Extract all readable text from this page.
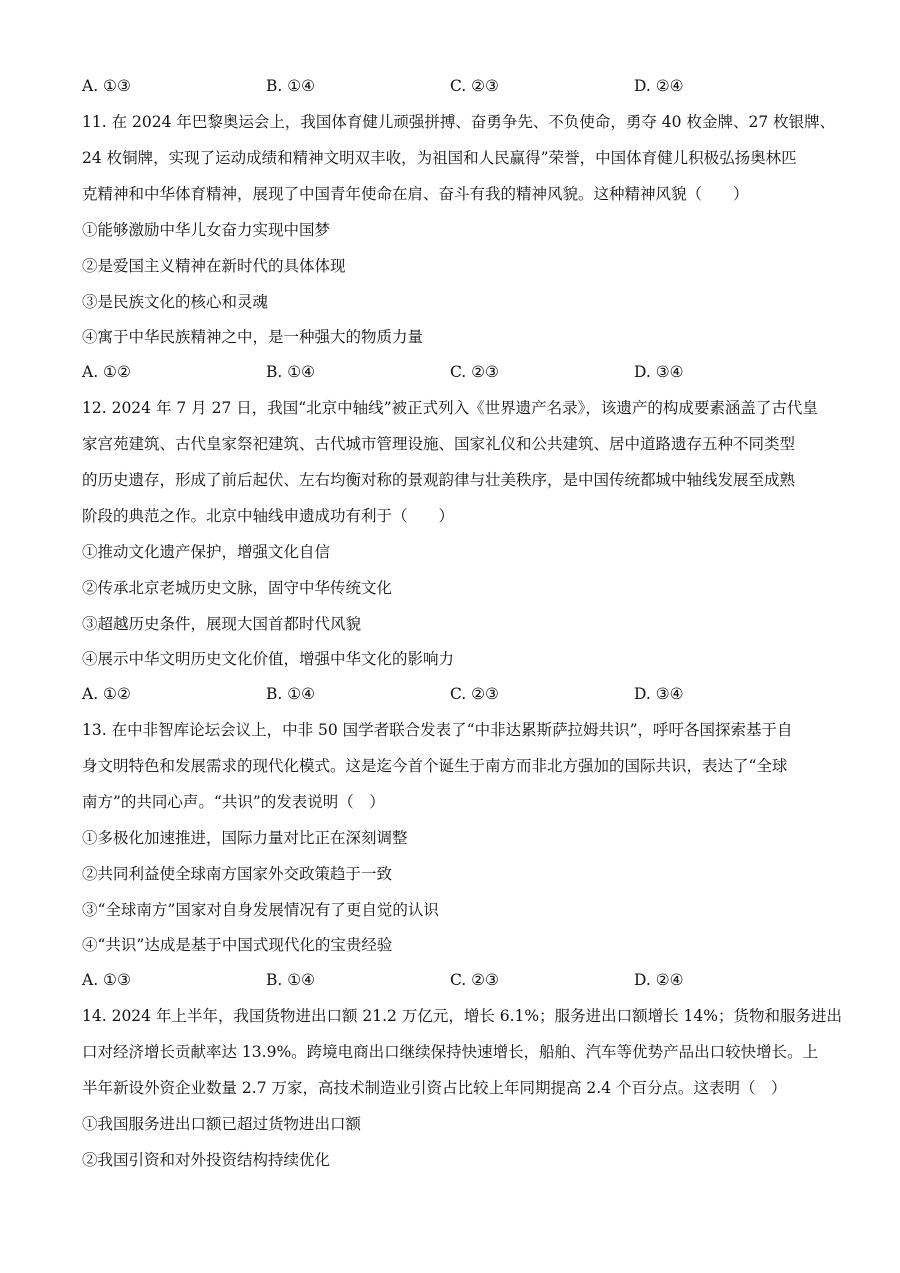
A. ①③	B. ①④	C. ②③	D. ②④
11. 在 2024 年巴黎奥运会上，我国体育健儿顽强拼搏、奋勇争先、不负使命，勇夺 40 枚金牌、27 枚银牌、
24 枚铜牌，实现了运动成绩和精神文明双丰收，为祖国和人民赢得”荣誉，中国体育健儿积极弘扬奥林匹
克精神和中华体育精神，展现了中国青年使命在肩、奋斗有我的精神风貌。这种精神风貌（　　）
①能够激励中华儿女奋力实现中国梦
②是爱国主义精神在新时代的具体体现
③是民族文化的核心和灵魂
④寓于中华民族精神之中，是一种强大的物质力量
A. ①②	B. ①④	C. ②③	D. ③④
12. 2024 年 7 月 27 日，我国“北京中轴线”被正式列入《世界遗产名录》，该遗产的构成要素涵盖了古代皇
家宫苑建筑、古代皇家祭祀建筑、古代城市管理设施、国家礼仪和公共建筑、居中道路遗存五种不同类型
的历史遗存，形成了前后起伏、左右均衡对称的景观韵律与壮美秩序，是中国传统都城中轴线发展至成熟
阶段的典范之作。北京中轴线申遗成功有利于（　　）
①推动文化遗产保护，增强文化自信
②传承北京老城历史文脉，固守中华传统文化
③超越历史条件，展现大国首都时代风貌
④展示中华文明历史文化价值，增强中华文化的影响力
A. ①②	B. ①④	C. ②③	D. ③④
13. 在中非智库论坛会议上，中非 50 国学者联合发表了“中非达累斯萨拉姆共识”，呼吁各国探索基于自
身文明特色和发展需求的现代化模式。这是迄今首个诞生于南方而非北方强加的国际共识，表达了“全球
南方”的共同心声。“共识”的发表说明（　）
①多极化加速推进，国际力量对比正在深刻调整
②共同利益使全球南方国家外交政策趋于一致
③“全球南方”国家对自身发展情况有了更自觉的认识
④“共识”达成是基于中国式现代化的宝贵经验
A. ①③	B. ①④	C. ②③	D. ②④
14. 2024 年上半年，我国货物进出口额 21.2 万亿元，增长 6.1%；服务进出口额增长 14%；货物和服务进出
口对经济增长贡献率达 13.9%。跨境电商出口继续保持快速增长，船舶、汽车等优势产品出口较快增长。上
半年新设外资企业数量 2.7 万家，高技术制造业引资占比较上年同期提高 2.4 个百分点。这表明（　）
①我国服务进出口额已超过货物进出口额
②我国引资和对外投资结构持续优化
